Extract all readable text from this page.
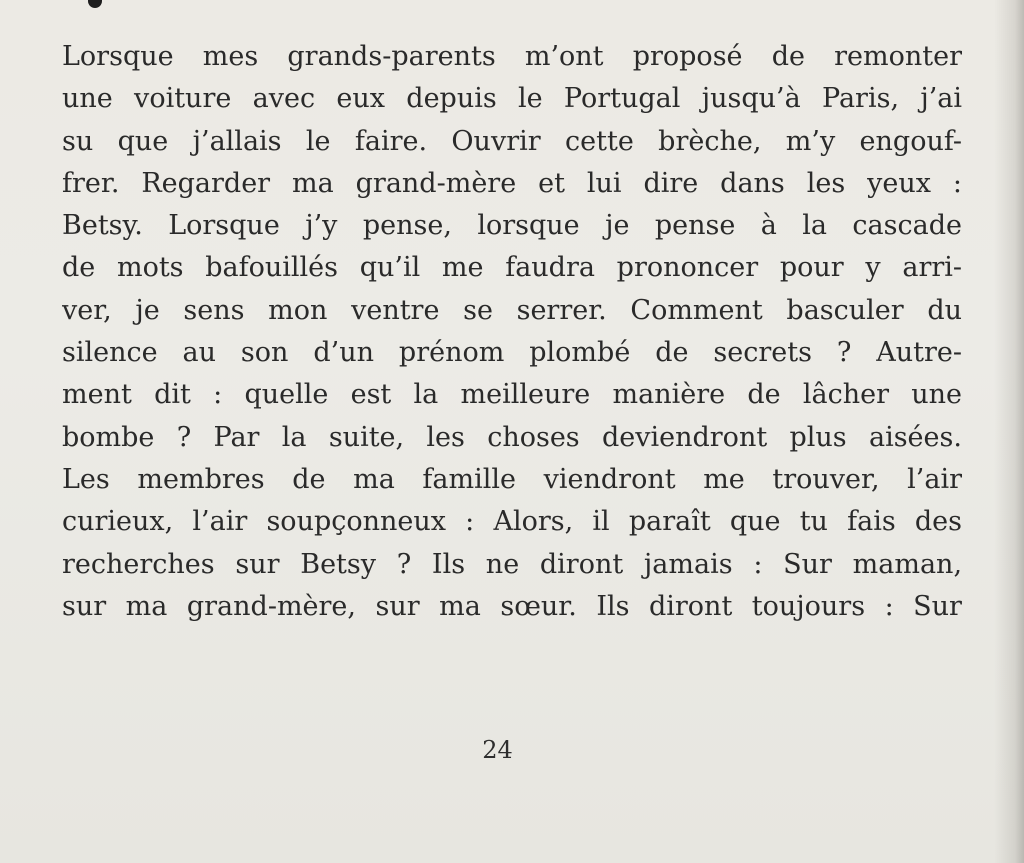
Lorsque mes grands-parents m’ont proposé de remonter
une voiture avec eux depuis le Portugal jusqu’à Paris, j’ai
su que j’allais le faire. Ouvrir cette brèche, m’y engouf-
frer. Regarder ma grand-mère et lui dire dans les yeux :
Betsy. Lorsque j’y pense, lorsque je pense à la cascade
de mots bafouillés qu’il me faudra prononcer pour y arri-
ver, je sens mon ventre se serrer. Comment basculer du
silence au son d’un prénom plombé de secrets ? Autre-
ment dit : quelle est la meilleure manière de lâcher une
bombe ? Par la suite, les choses deviendront plus aisées.
Les membres de ma famille viendront me trouver, l’air
curieux, l’air soupçonneux : Alors, il paraît que tu fais des
recherches sur Betsy ? Ils ne diront jamais : Sur maman,
sur ma grand-mère, sur ma sœur. Ils diront toujours : Sur
24
